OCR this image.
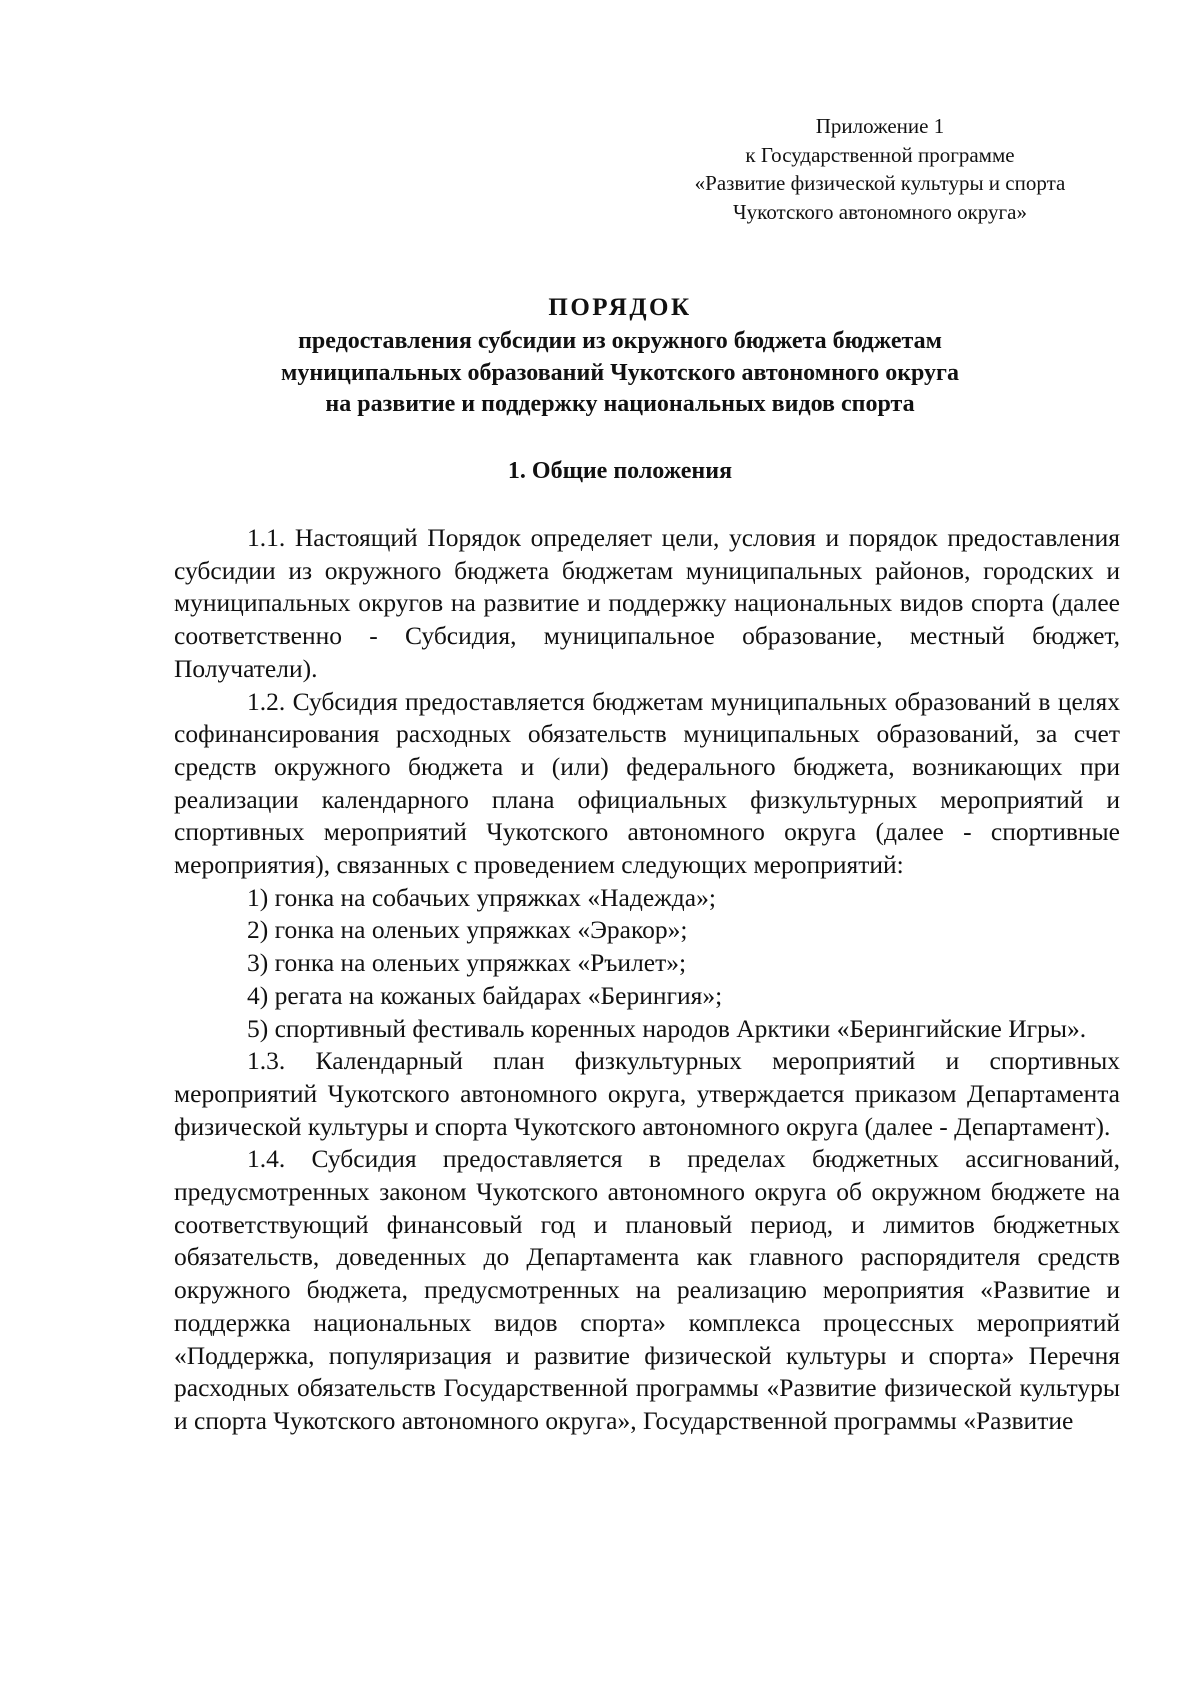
Приложение 1
к Государственной программе
«Развитие физической культуры и спорта
Чукотского автономного округа»
ПОРЯДОК
предоставления субсидии из окружного бюджета бюджетам
муниципальных образований Чукотского автономного округа
на развитие и поддержку национальных видов спорта
1. Общие положения

1.1. Настоящий Порядок определяет цели, условия и порядок предоставления субсидии из окружного бюджета бюджетам муниципальных районов, городских и муниципальных округов на развитие и поддержку национальных видов спорта (далее соответственно - Субсидия, муниципальное образование, местный бюджет, Получатели).

1.2. Субсидия предоставляется бюджетам муниципальных образований в целях софинансирования расходных обязательств муниципальных образований, за счет средств окружного бюджета и (или) федерального бюджета, возникающих при реализации календарного плана официальных физкультурных мероприятий и спортивных мероприятий Чукотского автономного округа (далее - спортивные мероприятия), связанных с проведением следующих мероприятий:

1) гонка на собачьих упряжках «Надежда»;

2) гонка на оленьих упряжках «Эракор»;

3) гонка на оленьих упряжках «Ръилет»;

4) регата на кожаных байдарах «Берингия»;

5) спортивный фестиваль коренных народов Арктики «Берингийские Игры».

1.3. Календарный план физкультурных мероприятий и спортивных мероприятий Чукотского автономного округа, утверждается приказом Департамента физической культуры и спорта Чукотского автономного округа (далее - Департамент).

1.4. Субсидия предоставляется в пределах бюджетных ассигнований, предусмотренных законом Чукотского автономного округа об окружном бюджете на соответствующий финансовый год и плановый период, и лимитов бюджетных обязательств, доведенных до Департамента как главного распорядителя средств окружного бюджета, предусмотренных на реализацию мероприятия «Развитие и поддержка национальных видов спорта» комплекса процессных мероприятий «Поддержка, популяризация и развитие физической культуры и спорта» Перечня расходных обязательств Государственной программы «Развитие физической культуры и спорта Чукотского автономного округа», Государственной программы «Развитие
